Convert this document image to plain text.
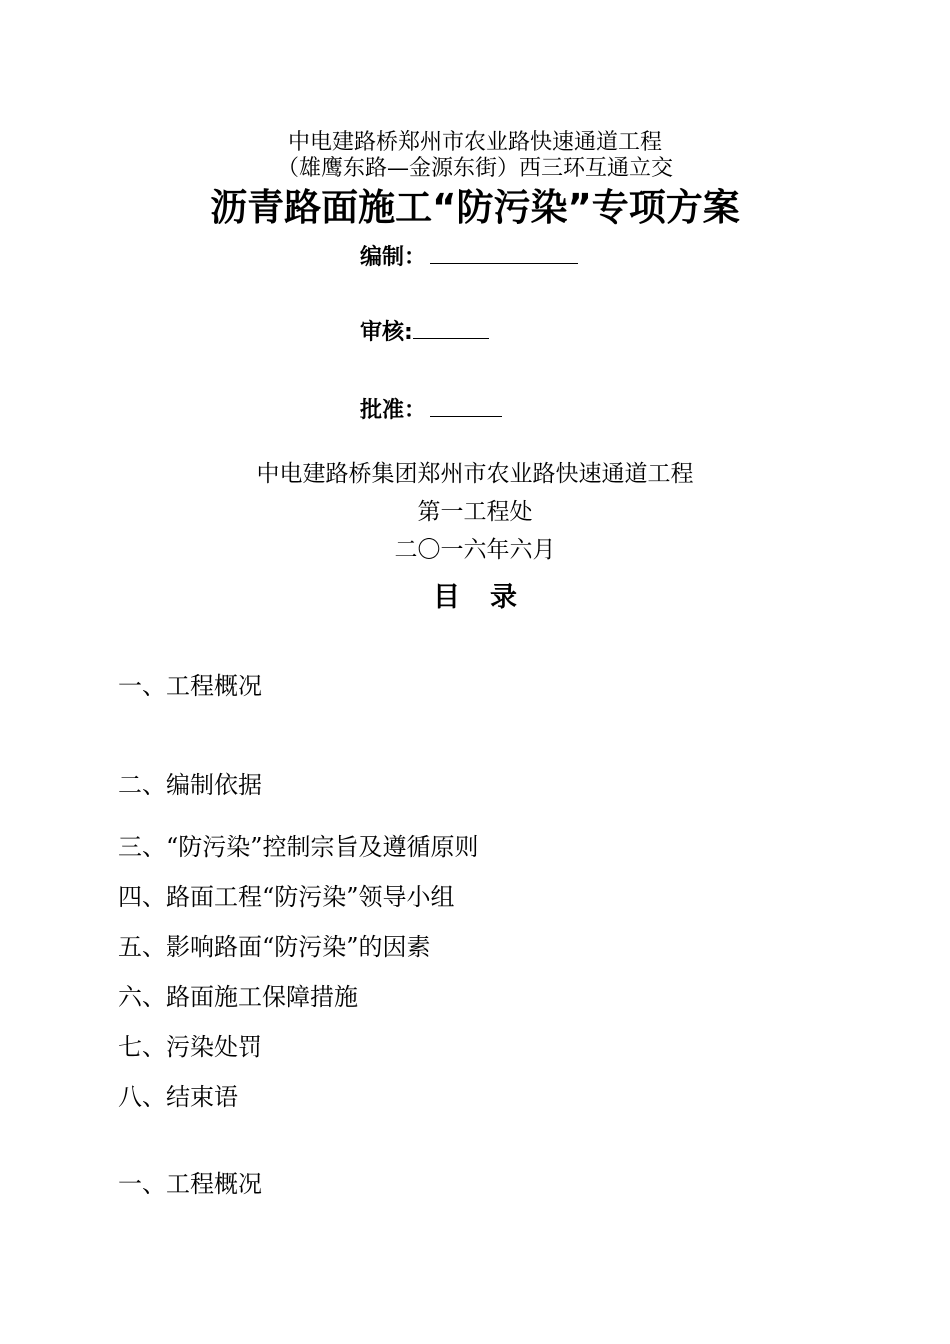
中电建路桥郑州市农业路快速通道工程
（雄鹰东路—金源东街）西三环互通立交
沥青路面施工“防污染”专项方案
编制：
审核:
批准：
中电建路桥集团郑州市农业路快速通道工程
第一工程处
二〇一六年六月
目 录
一、工程概况
二、编制依据
三、“防污染”控制宗旨及遵循原则
四、路面工程“防污染”领导小组
五、影响路面“防污染”的因素
六、路面施工保障措施
七、污染处罚
八、结束语
一、工程概况
